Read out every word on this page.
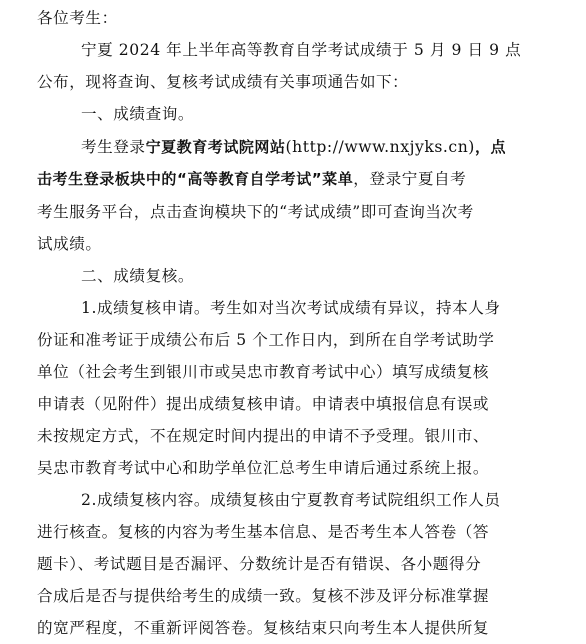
各位考生：
宁夏 2024 年上半年高等教育自学考试成绩于 5 月 9 日 9 点
公布，现将查询、复核考试成绩有关事项通告如下：
一、成绩查询。
考生登录宁夏教育考试院网站(http://www.nxjyks.cn)，点
击考生登录板块中的“高等教育自学考试”菜单，登录宁夏自考
考生服务平台，点击查询模块下的“考试成绩”即可查询当次考
试成绩。
二、成绩复核。
1.成绩复核申请。考生如对当次考试成绩有异议，持本人身
份证和准考证于成绩公布后 5 个工作日内，到所在自学考试助学
单位（社会考生到银川市或吴忠市教育考试中心）填写成绩复核
申请表（见附件）提出成绩复核申请。申请表中填报信息有误或
未按规定方式，不在规定时间内提出的申请不予受理。银川市、
吴忠市教育考试中心和助学单位汇总考生申请后通过系统上报。
2.成绩复核内容。成绩复核由宁夏教育考试院组织工作人员
进行核查。复核的内容为考生基本信息、是否考生本人答卷（答
题卡）、考试题目是否漏评、分数统计是否有错误、各小题得分
合成后是否与提供给考生的成绩一致。复核不涉及评分标准掌握
的宽严程度，不重新评阅答卷。复核结束只向考生本人提供所复
